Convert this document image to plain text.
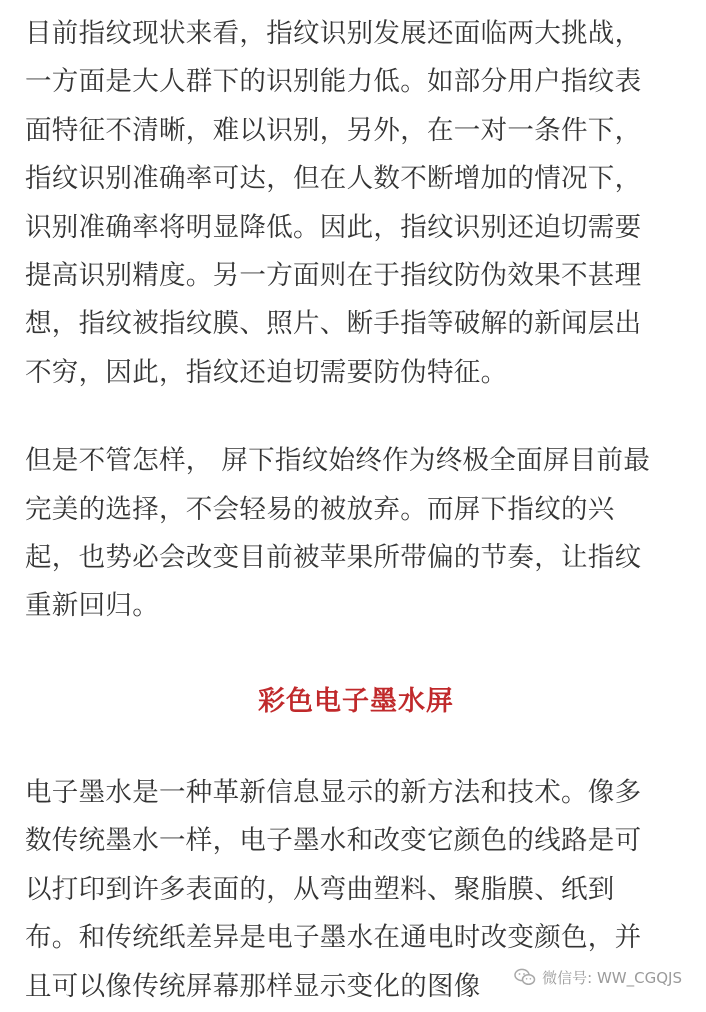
目前指纹现状来看，指纹识别发展还面临两大挑战，
一方面是大人群下的识别能力低。如部分用户指纹表
面特征不清晰，难以识别，另外，在一对一条件下，
指纹识别准确率可达，但在人数不断增加的情况下，
识别准确率将明显降低。因此，指纹识别还迫切需要
提高识别精度。另一方面则在于指纹防伪效果不甚理
想，指纹被指纹膜、照片、断手指等破解的新闻层出
不穷，因此，指纹还迫切需要防伪特征。

但是不管怎样， 屏下指纹始终作为终极全面屏目前最
完美的选择，不会轻易的被放弃。而屏下指纹的兴
起，也势必会改变目前被苹果所带偏的节奏，让指纹
重新回归。

彩色电子墨水屏

电子墨水是一种革新信息显示的新方法和技术。像多
数传统墨水一样，电子墨水和改变它颜色的线路是可
以打印到许多表面的，从弯曲塑料、聚脂膜、纸到
布。和传统纸差异是电子墨水在通电时改变颜色，并
且可以像传统屏幕那样显示变化的图像	微信号: WW_CGQJS
